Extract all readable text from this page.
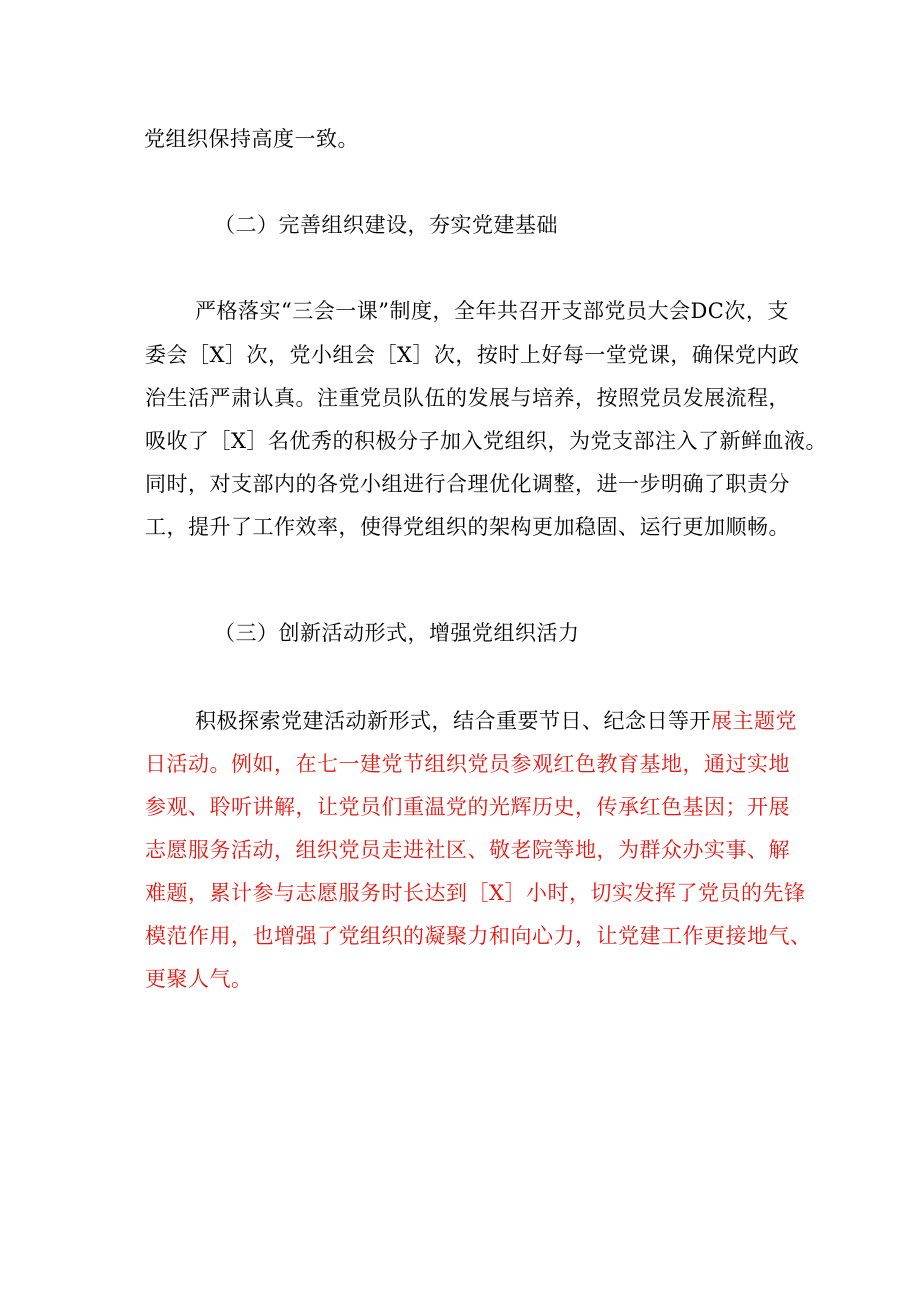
党组织保持高度一致。
（二）完善组织建设，夯实党建基础
严格落实“三会一课”制度，全年共召开支部党员大会DC次，支
委会［X］次，党小组会［X］次，按时上好每一堂党课，确保党内政
治生活严肃认真。注重党员队伍的发展与培养，按照党员发展流程，
吸收了［X］名优秀的积极分子加入党组织，为党支部注入了新鲜血液。
同时，对支部内的各党小组进行合理优化调整，进一步明确了职责分
工，提升了工作效率，使得党组织的架构更加稳固、运行更加顺畅。
（三）创新活动形式，增强党组织活力
积极探索党建活动新形式，结合重要节日、纪念日等开展主题党
日活动。例如，在七一建党节组织党员参观红色教育基地，通过实地
参观、聆听讲解，让党员们重温党的光辉历史，传承红色基因；开展
志愿服务活动，组织党员走进社区、敬老院等地，为群众办实事、解
难题，累计参与志愿服务时长达到［X］小时，切实发挥了党员的先锋
模范作用，也增强了党组织的凝聚力和向心力，让党建工作更接地气、
更聚人气。
